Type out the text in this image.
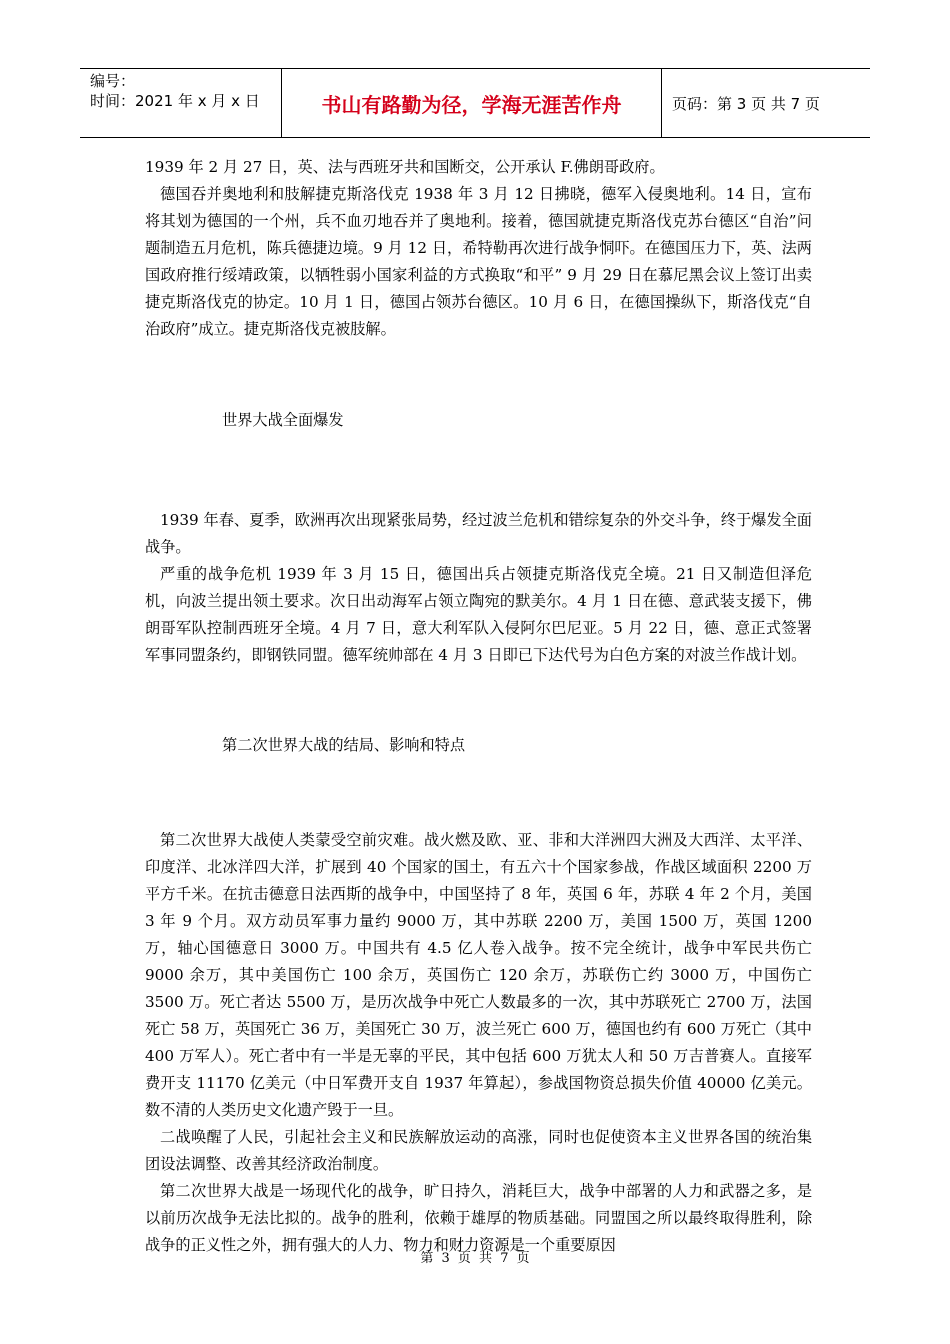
编号：
时间：2021 年 x 月 x 日	书山有路勤为径，学海无涯苦作舟	页码：第 3 页 共 7 页

1939 年 2 月 27 日，英、法与西班牙共和国断交，公开承认 F.佛朗哥政府。

德国吞并奥地利和肢解捷克斯洛伐克 1938 年 3 月 12 日拂晓，德军入侵奥地利。14 日，宣布将其划为德国的一个州，兵不血刃地吞并了奥地利。接着，德国就捷克斯洛伐克苏台德区“自治”问题制造五月危机，陈兵德捷边境。9 月 12 日，希特勒再次进行战争恫吓。在德国压力下，英、法两国政府推行绥靖政策，以牺牲弱小国家利益的方式换取“和平” 9 月 29 日在慕尼黑会议上签订出卖捷克斯洛伐克的协定。10 月 1 日，德国占领苏台德区。10 月 6 日，在德国操纵下，斯洛伐克“自治政府”成立。捷克斯洛伐克被肢解。

世界大战全面爆发

1939 年春、夏季，欧洲再次出现紧张局势，经过波兰危机和错综复杂的外交斗争，终于爆发全面战争。

严重的战争危机 1939 年 3 月 15 日，德国出兵占领捷克斯洛伐克全境。21 日又制造但泽危机，向波兰提出领土要求。次日出动海军占领立陶宛的默美尔。4 月 1 日在德、意武装支援下，佛朗哥军队控制西班牙全境。4 月 7 日，意大利军队入侵阿尔巴尼亚。5 月 22 日，德、意正式签署军事同盟条约，即钢铁同盟。德军统帅部在 4 月 3 日即已下达代号为白色方案的对波兰作战计划。

第二次世界大战的结局、影响和特点

第二次世界大战使人类蒙受空前灾难。战火燃及欧、亚、非和大洋洲四大洲及大西洋、太平洋、印度洋、北冰洋四大洋，扩展到 40 个国家的国土，有五六十个国家参战，作战区域面积 2200 万平方千米。在抗击德意日法西斯的战争中，中国坚持了 8 年，英国 6 年，苏联 4 年 2 个月，美国 3 年 9 个月。双方动员军事力量约 9000 万，其中苏联 2200 万，美国 1500 万，英国 1200 万，轴心国德意日 3000 万。中国共有 4.5 亿人卷入战争。按不完全统计，战争中军民共伤亡 9000 余万，其中美国伤亡 100 余万，英国伤亡 120 余万，苏联伤亡约 3000 万，中国伤亡 3500 万。死亡者达 5500 万，是历次战争中死亡人数最多的一次，其中苏联死亡 2700 万，法国死亡 58 万，英国死亡 36 万，美国死亡 30 万，波兰死亡 600 万，德国也约有 600 万死亡（其中 400 万军人）。死亡者中有一半是无辜的平民，其中包括 600 万犹太人和 50 万吉普赛人。直接军费开支 11170 亿美元（中日军费开支自 1937 年算起），参战国物资总损失价值 40000 亿美元。数不清的人类历史文化遗产毁于一旦。

二战唤醒了人民，引起社会主义和民族解放运动的高涨，同时也促使资本主义世界各国的统治集团设法调整、改善其经济政治制度。

第二次世界大战是一场现代化的战争，旷日持久，消耗巨大，战争中部署的人力和武器之多，是以前历次战争无法比拟的。战争的胜利，依赖于雄厚的物质基础。同盟国之所以最终取得胜利，除战争的正义性之外，拥有强大的人力、物力和财力资源是一个重要原因

第 3 页 共 7 页
